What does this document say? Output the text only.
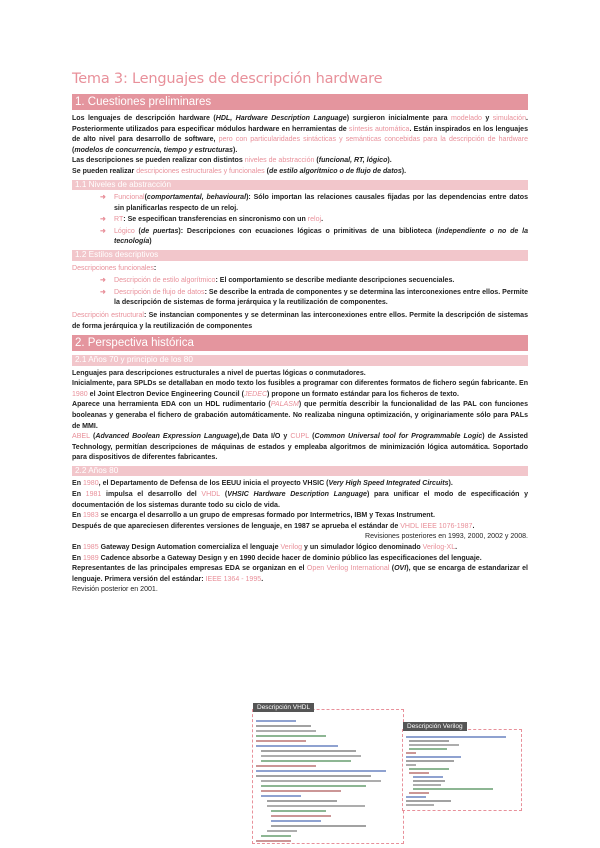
Tema 3: Lenguajes de descripción hardware
1. Cuestiones preliminares

Los lenguajes de descripción hardware (HDL, Hardware Description Language) surgieron inicialmente para modelado y simulación. Posteriormente utilizados para especificar módulos hardware en herramientas de síntesis automática. Están inspirados en los lenguajes de alto nivel para desarrollo de software, pero con particularidades sintácticas y semánticas concebidas para la descripción de hardware (modelos de concurrencia, tiempo y estructuras).

Las descripciones se pueden realizar con distintos niveles de abstracción (funcional, RT, lógico).

Se pueden realizar descripciones estructurales y funcionales (de estilo algorítmico o de flujo de datos).

1.1 Niveles de abstracción
➜ Funcional(comportamental, behavioural): Sólo importan las relaciones causales fijadas por las dependencias entre datos sin planificarlas respecto de un reloj.
➜ RT: Se especifican transferencias en sincronismo con un reloj.
➜ Lógico (de puertas): Descripciones con ecuaciones lógicas o primitivas de una biblioteca (independiente o no de la tecnología)
1.2 Estilos descriptivos

Descripciones funcionales:

➜ Descripción de estilo algorítmico: El comportamiento se describe mediante descripciones secuenciales.
➜ Descripción de flujo de datos: Se describe la entrada de componentes y se determina las interconexiones entre ellos. Permite la descripción de sistemas de forma jerárquica y la reutilización de componentes.

Descripción estructural: Se instancian componentes y se determinan las interconexiones entre ellos. Permite la descripción de sistemas de forma jerárquica y la reutilización de componentes

2. Perspectiva histórica
2.1 Años 70 y principio de los 80

Lenguajes para descripciones estructurales a nivel de puertas lógicas o conmutadores.

Inicialmente, para SPLDs se detallaban en modo texto los fusibles a programar con diferentes formatos de fichero según fabricante. En 1980 el Joint Electron Device Engineering Council (JEDEC) propone un formato estándar para los ficheros de texto.

Aparece una herramienta EDA con un HDL rudimentario (PALASM) que permitía describir la funcionalidad de las PAL con funciones booleanas y generaba el fichero de grabación automáticamente. No realizaba ninguna optimización, y originariamente sólo para PALs de MMI.

ABEL (Advanced Boolean Expression Language),de Data I/O y CUPL (Common Universal tool for Programmable Logic) de Assisted Technology, permitían descripciones de máquinas de estados y empleaba algoritmos de minimización lógica automática. Soportado para dispositivos de diferentes fabricantes.

2.2 Años 80

En 1980, el Departamento de Defensa de los EEUU inicia el proyecto VHSIC (Very High Speed Integrated Circuits).

En 1981 impulsa el desarrollo del VHDL (VHSIC Hardware Description Language) para unificar el modo de especificación y documentación de los sistemas durante todo su ciclo de vida.

En 1983 se encarga el desarrollo a un grupo de empresas formado por Intermetrics, IBM y Texas Instrument.

Después de que apareciesen diferentes versiones de lenguaje, en 1987 se aprueba el estándar de VHDL IEEE 1076-1987.

Revisiones posteriores en 1993, 2000, 2002 y 2008.

En 1985 Gateway Design Automation comercializa el lenguaje Verilog y un simulador lógico denominado Verilog-XL.

En 1989 Cadence absorbe a Gateway Design y en 1990 decide hacer de dominio público las especificaciones del lenguaje.

Representantes de las principales empresas EDA se organizan en el Open Verilog International (OVI), que se encarga de estandarizar el lenguaje. Primera versión del estándar: IEEE 1364 - 1995.

Revisión posterior en 2001.

Descripción VHDL
Descripción Verilog
